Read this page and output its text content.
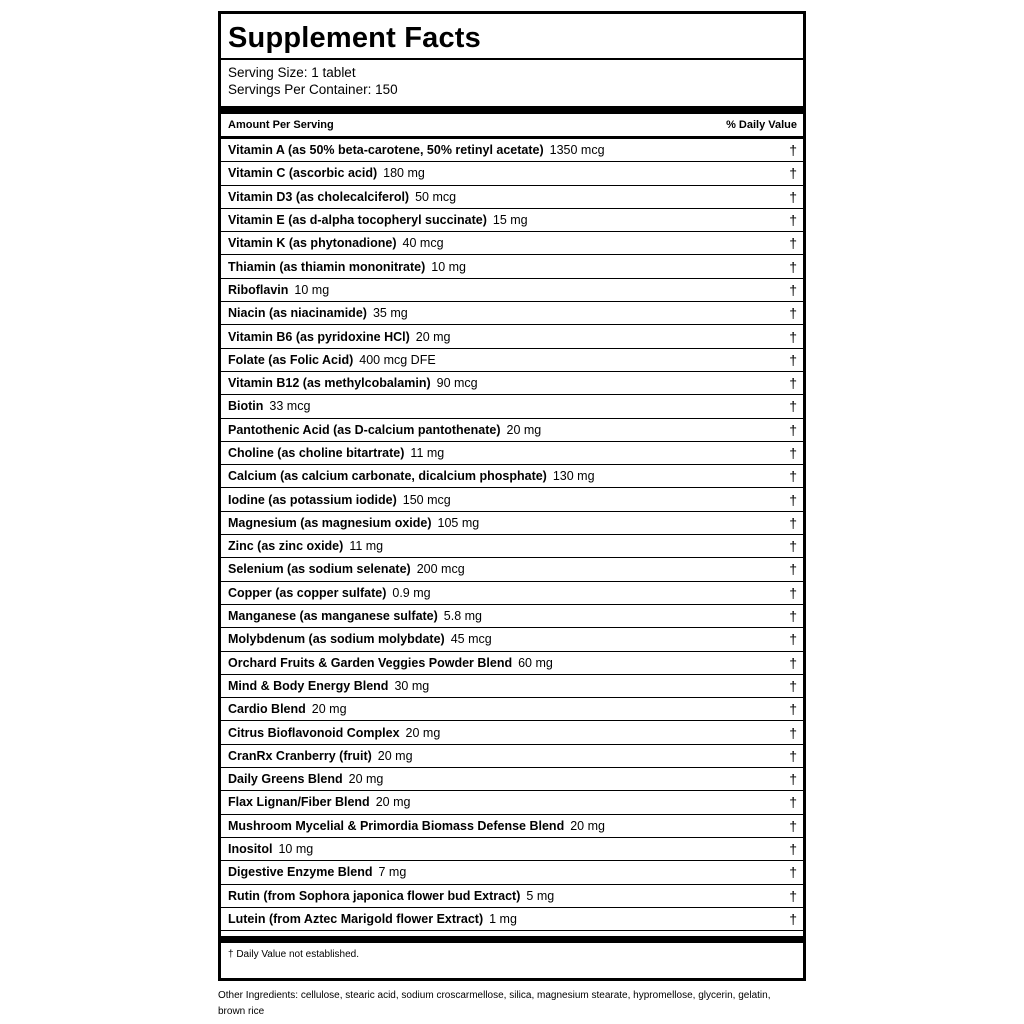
Supplement Facts
Serving Size: 1 tablet
Servings Per Container: 150
Amount Per Serving	% Daily Value
Vitamin A (as 50% beta-carotene, 50% retinyl acetate) 1350 mcg	†
Vitamin C (ascorbic acid) 180 mg	†
Vitamin D3 (as cholecalciferol) 50 mcg	†
Vitamin E (as d-alpha tocopheryl succinate) 15 mg	†
Vitamin K (as phytonadione) 40 mcg	†
Thiamin (as thiamin mononitrate) 10 mg	†
Riboflavin 10 mg	†
Niacin (as niacinamide) 35 mg	†
Vitamin B6 (as pyridoxine HCl) 20 mg	†
Folate (as Folic Acid) 400 mcg DFE	†
Vitamin B12 (as methylcobalamin) 90 mcg	†
Biotin 33 mcg	†
Pantothenic Acid (as D-calcium pantothenate) 20 mg	†
Choline (as choline bitartrate) 11 mg	†
Calcium (as calcium carbonate, dicalcium phosphate) 130 mg	†
Iodine (as potassium iodide) 150 mcg	†
Magnesium (as magnesium oxide) 105 mg	†
Zinc (as zinc oxide) 11 mg	†
Selenium (as sodium selenate) 200 mcg	†
Copper (as copper sulfate) 0.9 mg	†
Manganese (as manganese sulfate) 5.8 mg	†
Molybdenum (as sodium molybdate) 45 mcg	†
Orchard Fruits & Garden Veggies Powder Blend 60 mg	†
Mind & Body Energy Blend 30 mg	†
Cardio Blend 20 mg	†
Citrus Bioflavonoid Complex 20 mg	†
CranRx Cranberry (fruit) 20 mg	†
Daily Greens Blend 20 mg	†
Flax Lignan/Fiber Blend 20 mg	†
Mushroom Mycelial & Primordia Biomass Defense Blend 20 mg	†
Inositol 10 mg	†
Digestive Enzyme Blend 7 mg	†
Rutin (from Sophora japonica flower bud Extract) 5 mg	†
Lutein (from Aztec Marigold flower Extract) 1 mg	†
† Daily Value not established.
Other Ingredients: cellulose, stearic acid, sodium croscarmellose, silica, magnesium stearate, hypromellose, glycerin, gelatin, brown rice
